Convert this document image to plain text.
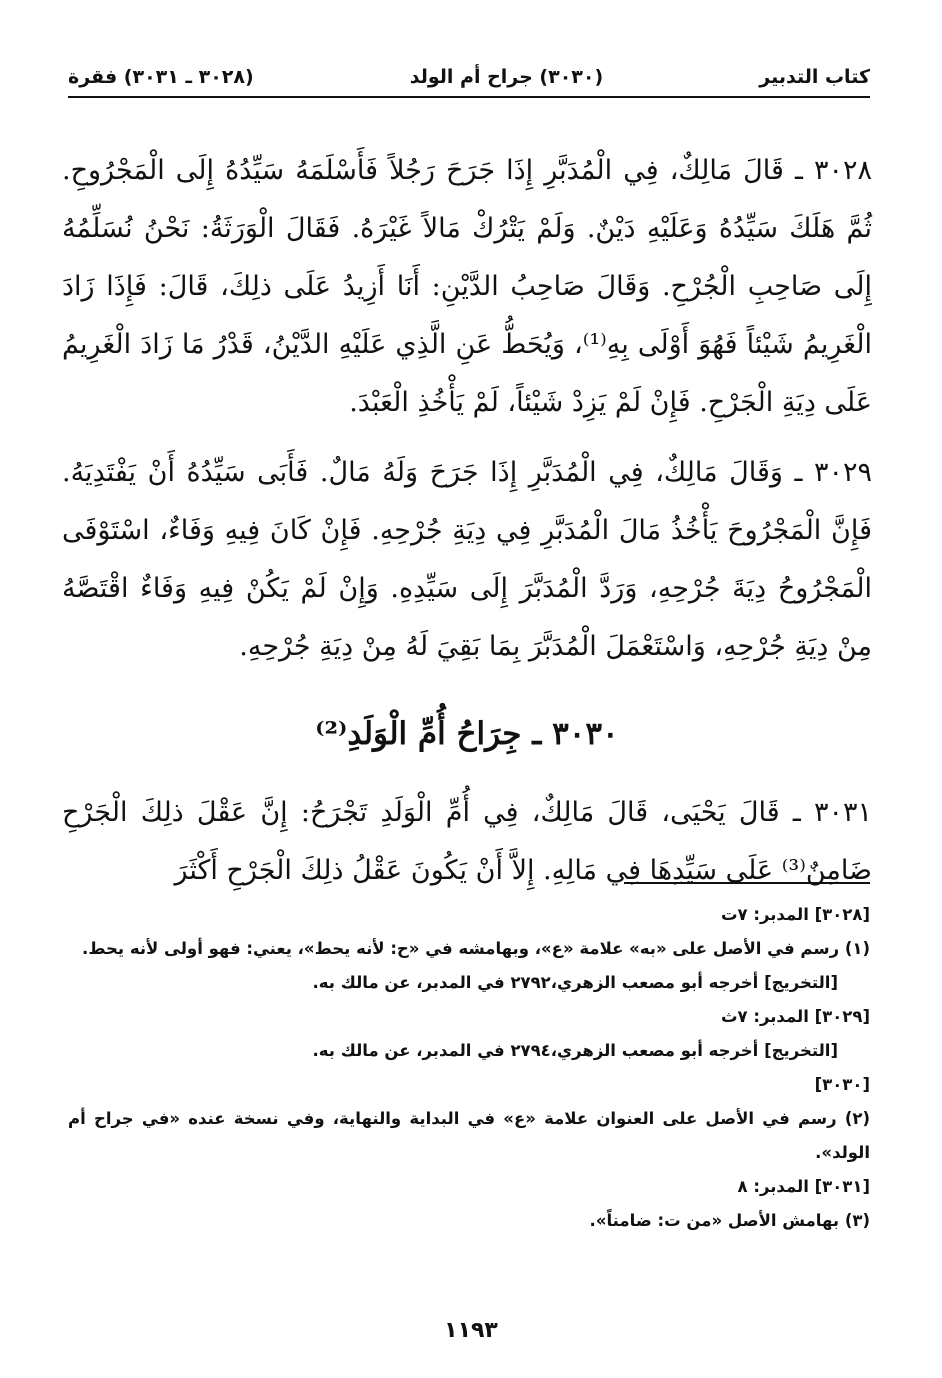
كتاب التدبير
(٣٠٣٠) جراح أم الولد
(٣٠٢٨ ـ ٣٠٣١) فقرة

٣٠٢٨ ـ قَالَ مَالِكٌ، فِي الْمُدَبَّرِ إِذَا جَرَحَ رَجُلاً فَأَسْلَمَهُ سَيِّدُهُ إِلَى الْمَجْرُوحِ. ثُمَّ هَلَكَ سَيِّدُهُ وَعَلَيْهِ دَيْنٌ. وَلَمْ يَتْرُكْ مَالاً غَيْرَهُ. فَقَالَ الْوَرَثَةُ: نَحْنُ نُسَلِّمُهُ إِلَى صَاحِبِ الْجُرْحِ. وَقَالَ صَاحِبُ الدَّيْنِ: أَنَا أَزِيدُ عَلَى ذلِكَ، قَالَ: فَإِذَا زَادَ الْغَرِيمُ شَيْئاً فَهُوَ أَوْلَى بِهِ⁽¹⁾، وَيُحَطُّ عَنِ الَّذِي عَلَيْهِ الدَّيْنُ، قَدْرُ مَا زَادَ الْغَرِيمُ عَلَى دِيَةِ الْجَرْحِ. فَإِنْ لَمْ يَزِدْ شَيْئاً، لَمْ يَأْخُذِ الْعَبْدَ.

٣٠٢٩ ـ وَقَالَ مَالِكٌ، فِي الْمُدَبَّرِ إِذَا جَرَحَ وَلَهُ مَالٌ. فَأَبَى سَيِّدُهُ أَنْ يَفْتَدِيَهُ. فَإِنَّ الْمَجْرُوحَ يَأْخُذُ مَالَ الْمُدَبَّرِ فِي دِيَةِ جُرْحِهِ. فَإِنْ كَانَ فِيهِ وَفَاءٌ، اسْتَوْفَى الْمَجْرُوحُ دِيَةَ جُرْحِهِ، وَرَدَّ الْمُدَبَّرَ إِلَى سَيِّدِهِ. وَإِنْ لَمْ يَكُنْ فِيهِ وَفَاءٌ اقْتَصَّهُ مِنْ دِيَةِ جُرْحِهِ، وَاسْتَعْمَلَ الْمُدَبَّرَ بِمَا بَقِيَ لَهُ مِنْ دِيَةِ جُرْحِهِ.

٣٠٣٠ ـ جِرَاحُ أُمِّ الْوَلَدِ⁽²⁾

٣٠٣١ ـ قَالَ يَحْيَى، قَالَ مَالِكٌ، فِي أُمِّ الْوَلَدِ تَجْرَحُ: إِنَّ عَقْلَ ذلِكَ الْجَرْحِ ضَامِنٌ⁽³⁾ عَلَى سَيِّدِهَا فِي مَالِهِ. إِلاَّ أَنْ يَكُونَ عَقْلُ ذلِكَ الْجَرْحِ أَكْثَرَ

[٣٠٢٨] المدبر: ٧ت

(١) رسم في الأصل على «به» علامة «ع»، وبهامشه في «ح: لأنه يحط»، يعني: فهو أولى لأنه يحط.

[التخريج] أخرجه أبو مصعب الزهري،٢٧٩٢ في المدبر، عن مالك به.

[٣٠٢٩] المدبر: ٧ث

[التخريج] أخرجه أبو مصعب الزهري،٢٧٩٤ في المدبر، عن مالك به.

[٣٠٣٠]

(٢) رسم في الأصل على العنوان علامة «ع» في البداية والنهاية، وفي نسخة عنده «في جراح أم الولد».

[٣٠٣١] المدبر: ٨

(٣) بهامش الأصل «من ت: ضامناً».

١١٩٣
